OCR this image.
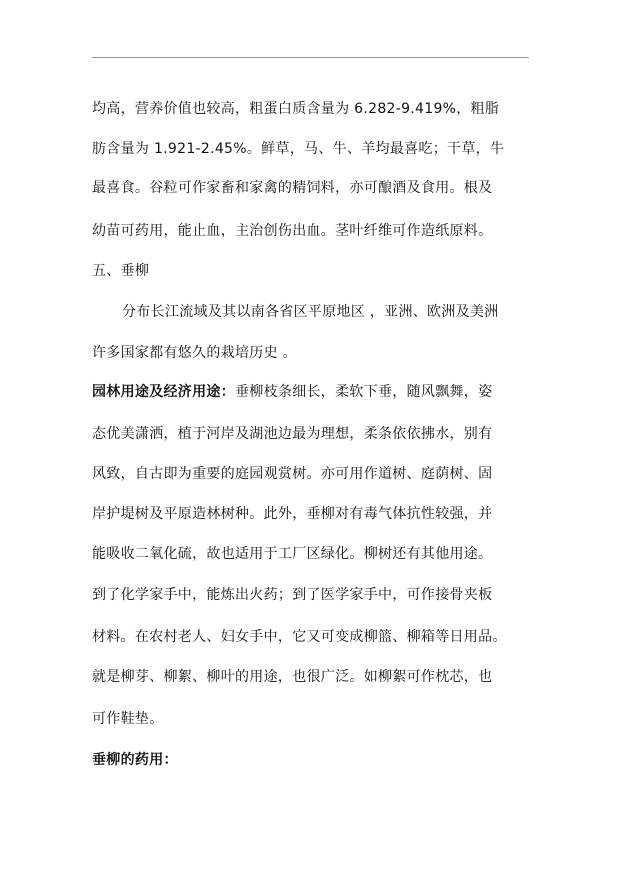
均高，营养价值也较高，粗蛋白质含量为 6.282-9.419%，粗脂
肪含量为 1.921-2.45%。鲜草，马、牛、羊均最喜吃；干草，牛
最喜食。谷粒可作家畜和家禽的精饲料，亦可酿酒及食用。根及
幼苗可药用，能止血，主治创伤出血。茎叶纤维可作造纸原料。
五、垂柳
分布长江流域及其以南各省区平原地区 ，亚洲、欧洲及美洲
许多国家都有悠久的栽培历史 。
园林用途及经济用途：垂柳枝条细长，柔软下垂，随风飘舞，姿
态优美潇洒，植于河岸及湖池边最为理想，柔条依依拂水，别有
风致，自古即为重要的庭园观赏树。亦可用作道树、庭荫树、固
岸护堤树及平原造林树种。此外，垂柳对有毒气体抗性较强，并
能吸收二氧化硫，故也适用于工厂区绿化。柳树还有其他用途。
到了化学家手中，能炼出火药；到了医学家手中，可作接骨夹板
材料。在农村老人、妇女手中，它又可变成柳篮、柳箱等日用品。
就是柳芽、柳絮、柳叶的用途，也很广泛。如柳絮可作枕芯，也
可作鞋垫。
垂柳的药用：
